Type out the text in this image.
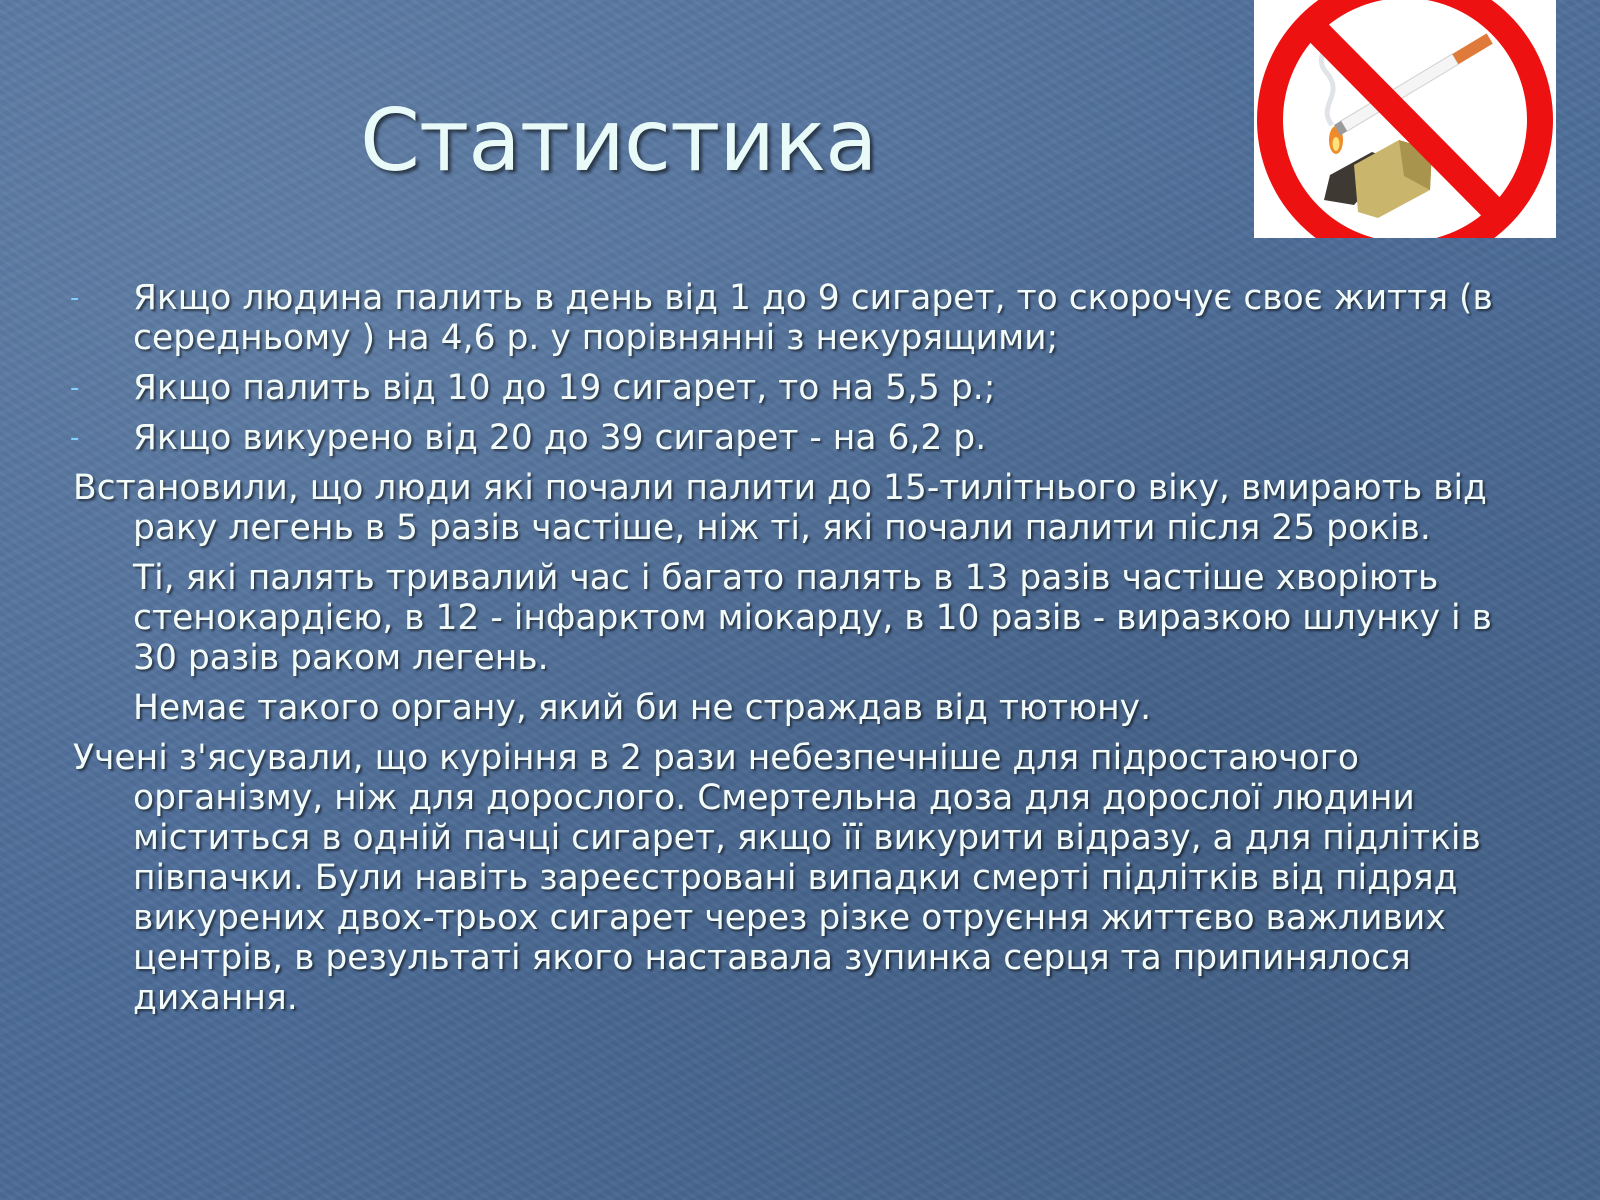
Статистика

- Якщо людина палить в день від 1 до 9 сигарет, то скорочує своє життя (в середньому ) на 4,6 р. у порівнянні з некурящими;

- Якщо палить від 10 до 19 сигарет, то на 5,5 р.;

- Якщо викурено від 20 до 39 сигарет - на 6,2 р.

Встановили, що люди які почали палити до 15-тилітнього віку, вмирають від раку легень в 5 разів частіше, ніж ті, які почали палити після 25 років.

Ті, які палять тривалий час і багато палять в 13 разів частіше хворіють стенокардією, в 12 - інфарктом міокарду, в 10 разів - виразкою шлунку і в 30 разів раком легень.

Немає такого органу, який би не страждав від тютюну.

Учені з'ясували, що куріння в 2 рази небезпечніше для підростаючого організму, ніж для дорослого. Смертельна доза для дорослої людини міститься в одній пачці сигарет, якщо її викурити відразу, а для підлітків півпачки. Були навіть зареєстровані випадки смерті підлітків від підряд викурених двох-трьох сигарет через різке отруєння життєво важливих центрів, в результаті якого наставала зупинка серця та припинялося дихання.
